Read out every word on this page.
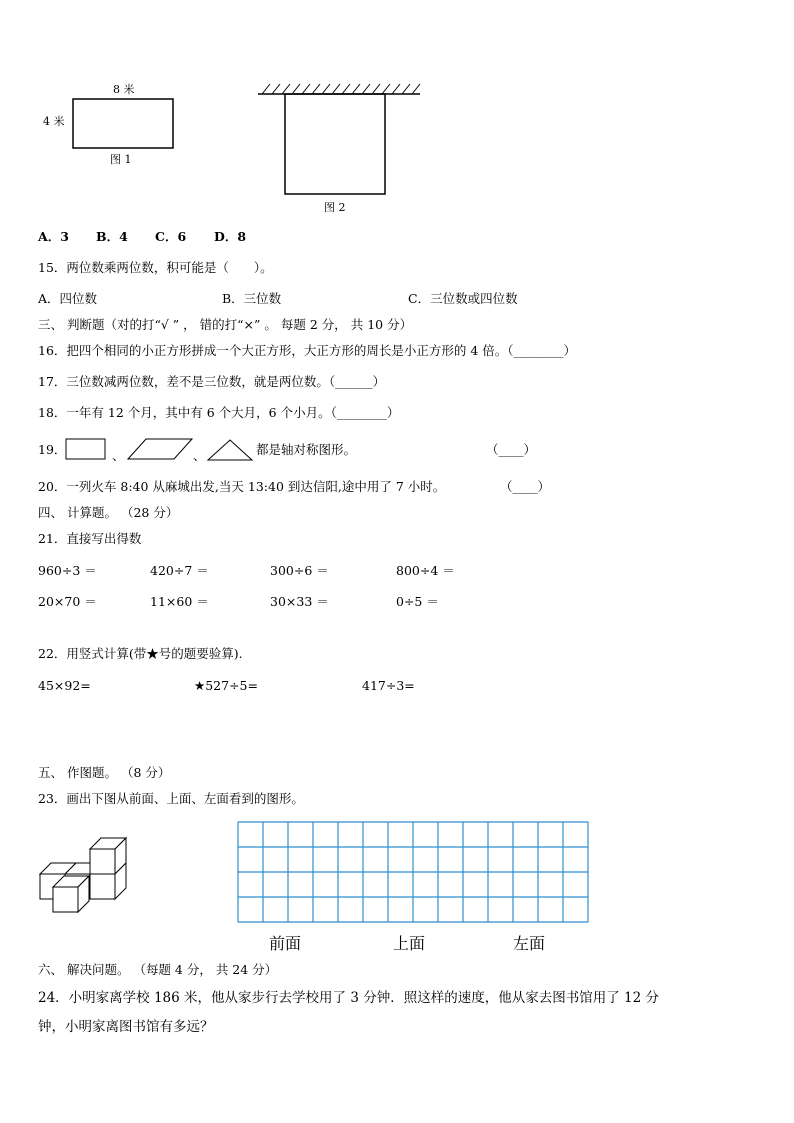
8 米
4 米
图 1
图 2
A．3 B．4 C．6 D．8
15．两位数乘两位数，积可能是（　　）。
A．四位数	B．三位数	C．三位数或四位数
三、 判断题（对的打“√ ” ， 错的打“×” 。 每题 2 分， 共 10 分）
16．把四个相同的小正方形拼成一个大正方形，大正方形的周长是小正方形的 4 倍。（________）
17．三位数减两位数，差不是三位数，就是两位数。（______）
18．一年有 12 个月，其中有 6 个大月，6 个小月。（________）
19．	、	、	都是轴对称图形。	（____）
20．一列火车 8:40 从麻城出发,当天 13:40 到达信阳,途中用了 7 小时。	（____）
四、 计算题。 （28 分）
21．直接写出得数
960÷3 ＝	420÷7 ＝	300÷6 ＝	800÷4 ＝
20×70 ＝	11×60 ＝	30×33 ＝	0÷5 ＝
22．用竖式计算(带★号的题要验算).
45×92=	★527÷5=	417÷3=
五、 作图题。 （8 分）
23．画出下图从前面、上面、左面看到的图形。
前面	上面	左面
六、 解决问题。 （每题 4 分， 共 24 分）
24．小明家离学校 186 米，他从家步行去学校用了 3 分钟．照这样的速度，他从家去图书馆用了 12 分
钟，小明家离图书馆有多远？
